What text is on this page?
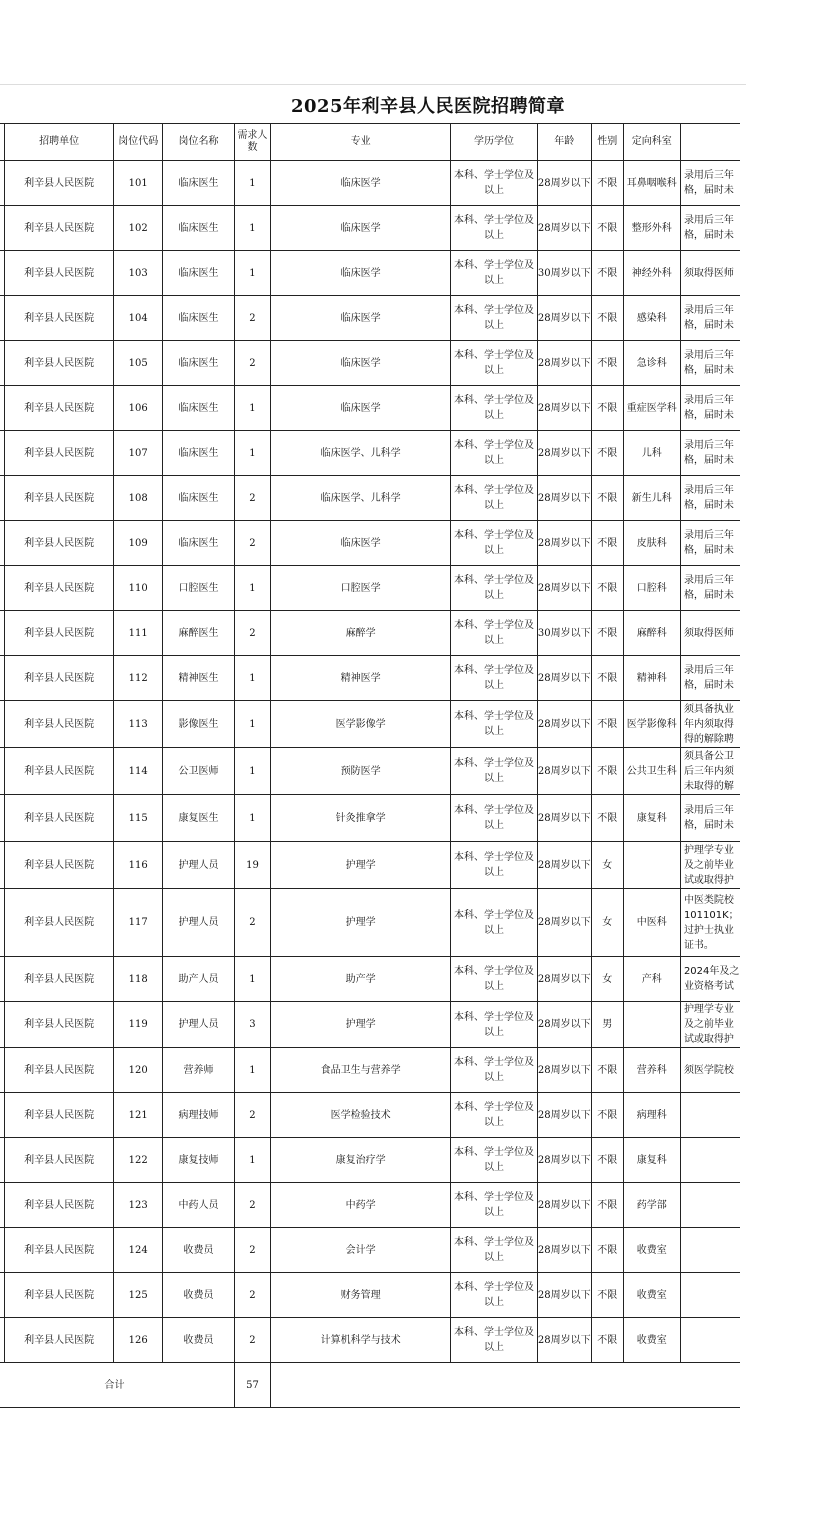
2025年利辛县人民医院招聘简章
	招聘单位	岗位代码	岗位名称	需求人数	专业	学历学位	年龄	性别	定向科室	
	利辛县人民医院	101	临床医生	1	临床医学	本科、学士学位及以上	28周岁以下	不限	耳鼻咽喉科	录用后三年格，届时未
	利辛县人民医院	102	临床医生	1	临床医学	本科、学士学位及以上	28周岁以下	不限	整形外科	录用后三年格，届时未
	利辛县人民医院	103	临床医生	1	临床医学	本科、学士学位及以上	30周岁以下	不限	神经外科	须取得医师
	利辛县人民医院	104	临床医生	2	临床医学	本科、学士学位及以上	28周岁以下	不限	感染科	录用后三年格，届时未
	利辛县人民医院	105	临床医生	2	临床医学	本科、学士学位及以上	28周岁以下	不限	急诊科	录用后三年格，届时未
	利辛县人民医院	106	临床医生	1	临床医学	本科、学士学位及以上	28周岁以下	不限	重症医学科	录用后三年格，届时未
	利辛县人民医院	107	临床医生	1	临床医学、儿科学	本科、学士学位及以上	28周岁以下	不限	儿科	录用后三年格，届时未
	利辛县人民医院	108	临床医生	2	临床医学、儿科学	本科、学士学位及以上	28周岁以下	不限	新生儿科	录用后三年格，届时未
	利辛县人民医院	109	临床医生	2	临床医学	本科、学士学位及以上	28周岁以下	不限	皮肤科	录用后三年格，届时未
	利辛县人民医院	110	口腔医生	1	口腔医学	本科、学士学位及以上	28周岁以下	不限	口腔科	录用后三年格，届时未
	利辛县人民医院	111	麻醉医生	2	麻醉学	本科、学士学位及以上	30周岁以下	不限	麻醉科	须取得医师
	利辛县人民医院	112	精神医生	1	精神医学	本科、学士学位及以上	28周岁以下	不限	精神科	录用后三年格，届时未
	利辛县人民医院	113	影像医生	1	医学影像学	本科、学士学位及以上	28周岁以下	不限	医学影像科	须具备执业年内须取得得的解除聘
	利辛县人民医院	114	公卫医师	1	预防医学	本科、学士学位及以上	28周岁以下	不限	公共卫生科	须具备公卫后三年内须未取得的解
	利辛县人民医院	115	康复医生	1	针灸推拿学	本科、学士学位及以上	28周岁以下	不限	康复科	录用后三年格，届时未
	利辛县人民医院	116	护理人员	19	护理学	本科、学士学位及以上	28周岁以下	女		护理学专业及之前毕业试或取得护
	利辛县人民医院	117	护理人员	2	护理学	本科、学士学位及以上	28周岁以下	女	中医科	中医类院校101101K；过护士执业证书。
	利辛县人民医院	118	助产人员	1	助产学	本科、学士学位及以上	28周岁以下	女	产科	2024年及之业资格考试
	利辛县人民医院	119	护理人员	3	护理学	本科、学士学位及以上	28周岁以下	男		护理学专业及之前毕业试或取得护
	利辛县人民医院	120	营养师	1	食品卫生与营养学	本科、学士学位及以上	28周岁以下	不限	营养科	须医学院校
	利辛县人民医院	121	病理技师	2	医学检验技术	本科、学士学位及以上	28周岁以下	不限	病理科	
	利辛县人民医院	122	康复技师	1	康复治疗学	本科、学士学位及以上	28周岁以下	不限	康复科	
	利辛县人民医院	123	中药人员	2	中药学	本科、学士学位及以上	28周岁以下	不限	药学部	
	利辛县人民医院	124	收费员	2	会计学	本科、学士学位及以上	28周岁以下	不限	收费室	
	利辛县人民医院	125	收费员	2	财务管理	本科、学士学位及以上	28周岁以下	不限	收费室	
	利辛县人民医院	126	收费员	2	计算机科学与技术	本科、学士学位及以上	28周岁以下	不限	收费室	
合计				57						
